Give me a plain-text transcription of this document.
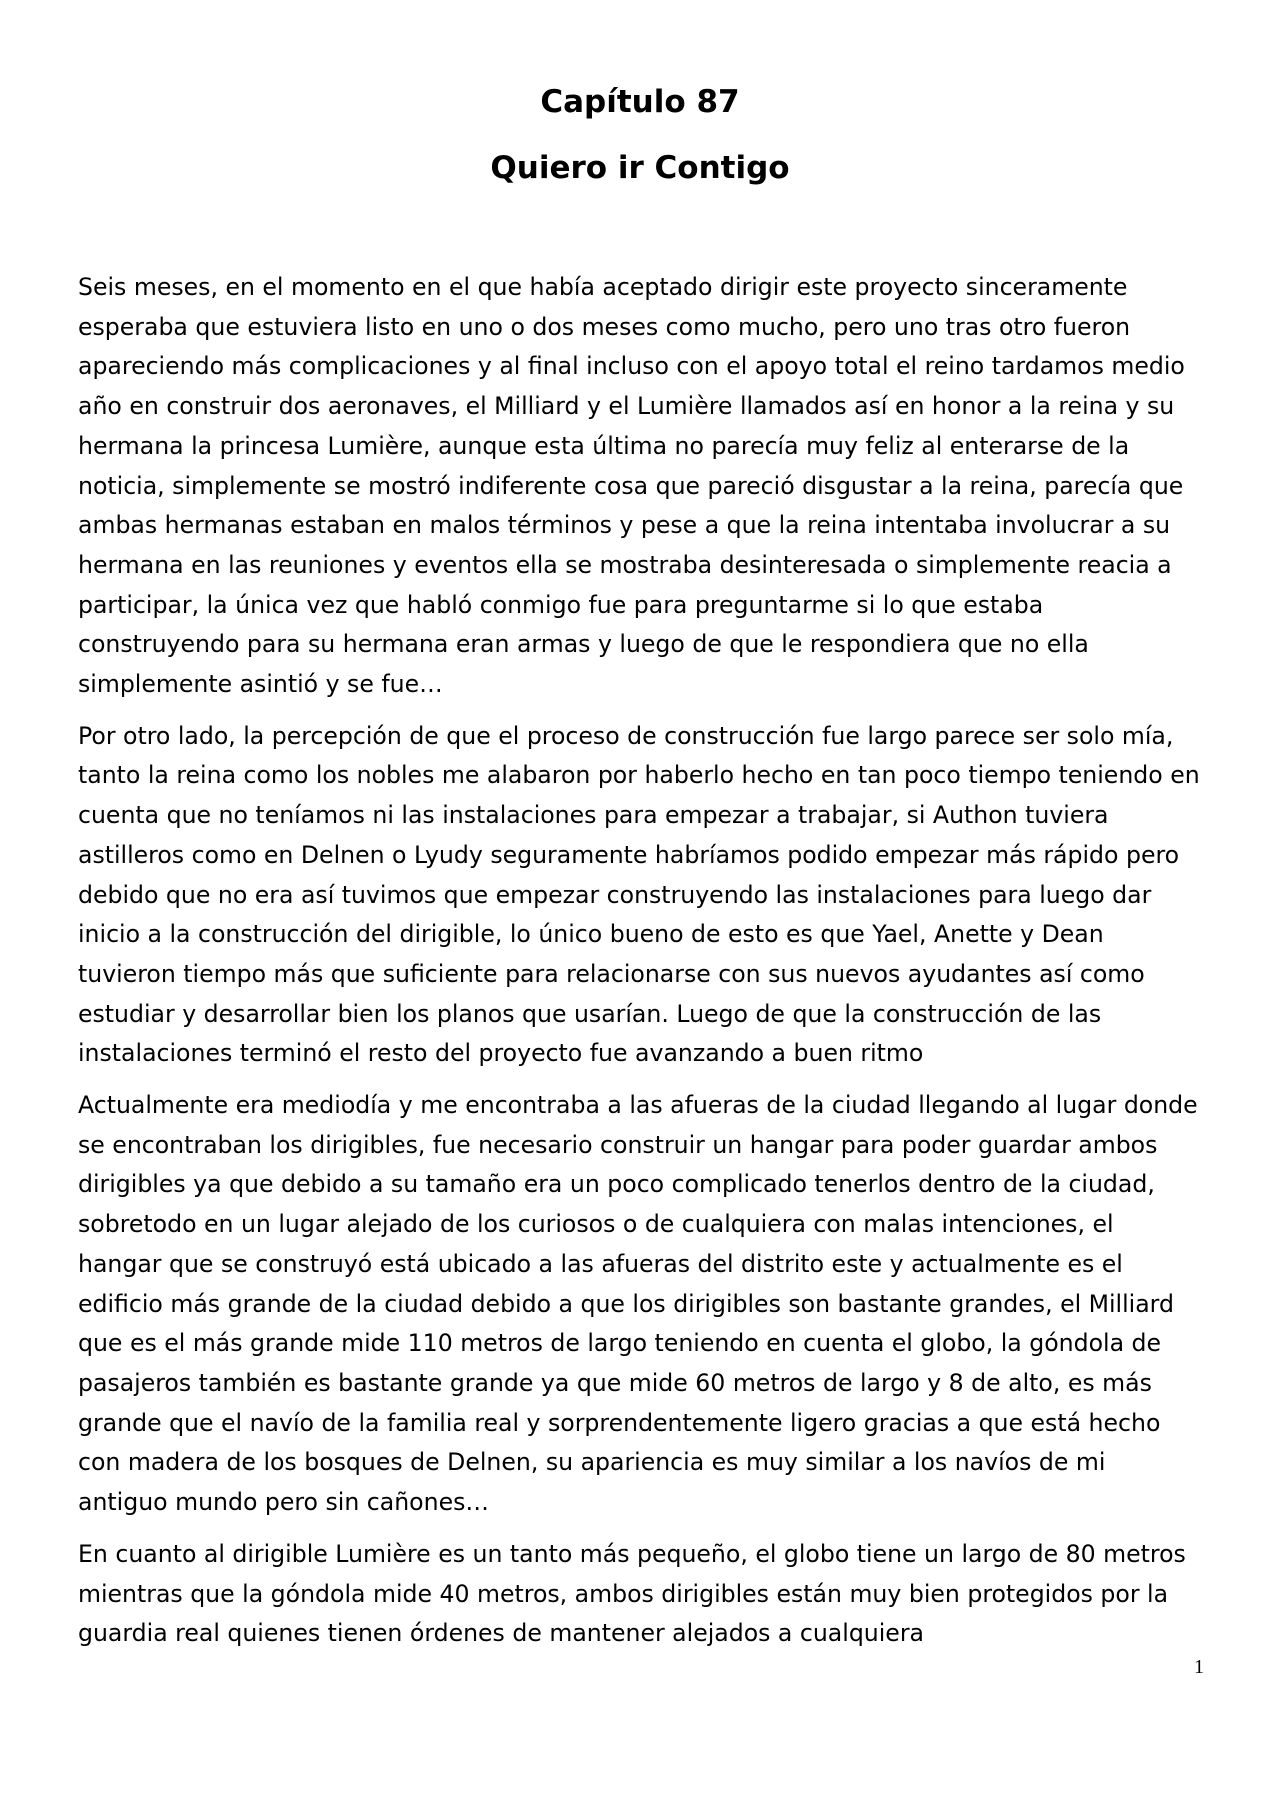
Capítulo 87
Quiero ir Contigo

Seis meses, en el momento en el que había aceptado dirigir este proyecto sinceramente esperaba que estuviera listo en uno o dos meses como mucho, pero uno tras otro fueron apareciendo más complicaciones y al final incluso con el apoyo total el reino tardamos medio año en construir dos aeronaves, el Milliard y el Lumière llamados así en honor a la reina y su hermana la princesa Lumière, aunque esta última no parecía muy feliz al enterarse de la noticia, simplemente se mostró indiferente cosa que pareció disgustar a la reina, parecía que ambas hermanas estaban en malos términos y pese a que la reina intentaba involucrar a su hermana en las reuniones y eventos ella se mostraba desinteresada o simplemente reacia a participar, la única vez que habló conmigo fue para preguntarme si lo que estaba construyendo para su hermana eran armas y luego de que le respondiera que no ella simplemente asintió y se fue…

Por otro lado, la percepción de que el proceso de construcción fue largo parece ser solo mía, tanto la reina como los nobles me alabaron por haberlo hecho en tan poco tiempo teniendo en cuenta que no teníamos ni las instalaciones para empezar a trabajar, si Authon tuviera astilleros como en Delnen o Lyudy seguramente habríamos podido empezar más rápido pero debido que no era así tuvimos que empezar construyendo las instalaciones para luego dar inicio a la construcción del dirigible, lo único bueno de esto es que Yael, Anette y Dean tuvieron tiempo más que suficiente para relacionarse con sus nuevos ayudantes así como estudiar y desarrollar bien los planos que usarían. Luego de que la construcción de las instalaciones terminó el resto del proyecto fue avanzando a buen ritmo

Actualmente era mediodía y me encontraba a las afueras de la ciudad llegando al lugar donde se encontraban los dirigibles, fue necesario construir un hangar para poder guardar ambos dirigibles ya que debido a su tamaño era un poco complicado tenerlos dentro de la ciudad, sobretodo en un lugar alejado de los curiosos o de cualquiera con malas intenciones, el hangar que se construyó está ubicado a las afueras del distrito este y actualmente es el edificio más grande de la ciudad debido a que los dirigibles son bastante grandes, el Milliard que es el más grande mide 110 metros de largo teniendo en cuenta el globo, la góndola de pasajeros también es bastante grande ya que mide 60 metros de largo y 8 de alto, es más grande que el navío de la familia real y sorprendentemente ligero gracias a que está hecho con madera de los bosques de Delnen, su apariencia es muy similar a los navíos de mi antiguo mundo pero sin cañones…

En cuanto al dirigible Lumière es un tanto más pequeño, el globo tiene un largo de 80 metros mientras que la góndola mide 40 metros, ambos dirigibles están muy bien protegidos por la guardia real quienes tienen órdenes de mantener alejados a cualquiera

1
